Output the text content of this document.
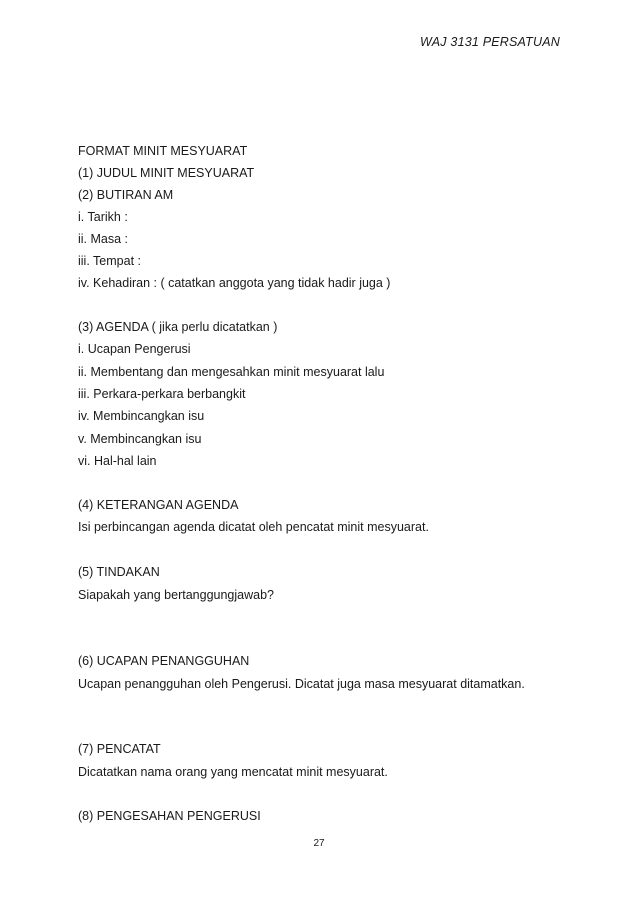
WAJ 3131 PERSATUAN
FORMAT MINIT MESYUARAT
(1) JUDUL MINIT MESYUARAT
(2) BUTIRAN AM
i. Tarikh :
ii. Masa :
iii. Tempat :
iv. Kehadiran : ( catatkan anggota yang tidak hadir juga )
(3) AGENDA ( jika perlu dicatatkan )
i. Ucapan Pengerusi
ii. Membentang dan mengesahkan minit mesyuarat lalu
iii. Perkara-perkara berbangkit
iv. Membincangkan isu
v. Membincangkan isu
vi. Hal-hal lain
(4) KETERANGAN AGENDA
Isi perbincangan agenda dicatat oleh pencatat minit mesyuarat.
(5) TINDAKAN
Siapakah yang bertanggungjawab?
(6) UCAPAN PENANGGUHAN
Ucapan penangguhan oleh Pengerusi. Dicatat juga masa mesyuarat ditamatkan.
(7) PENCATAT
Dicatatkan nama orang yang mencatat minit mesyuarat.
(8) PENGESAHAN PENGERUSI
27
